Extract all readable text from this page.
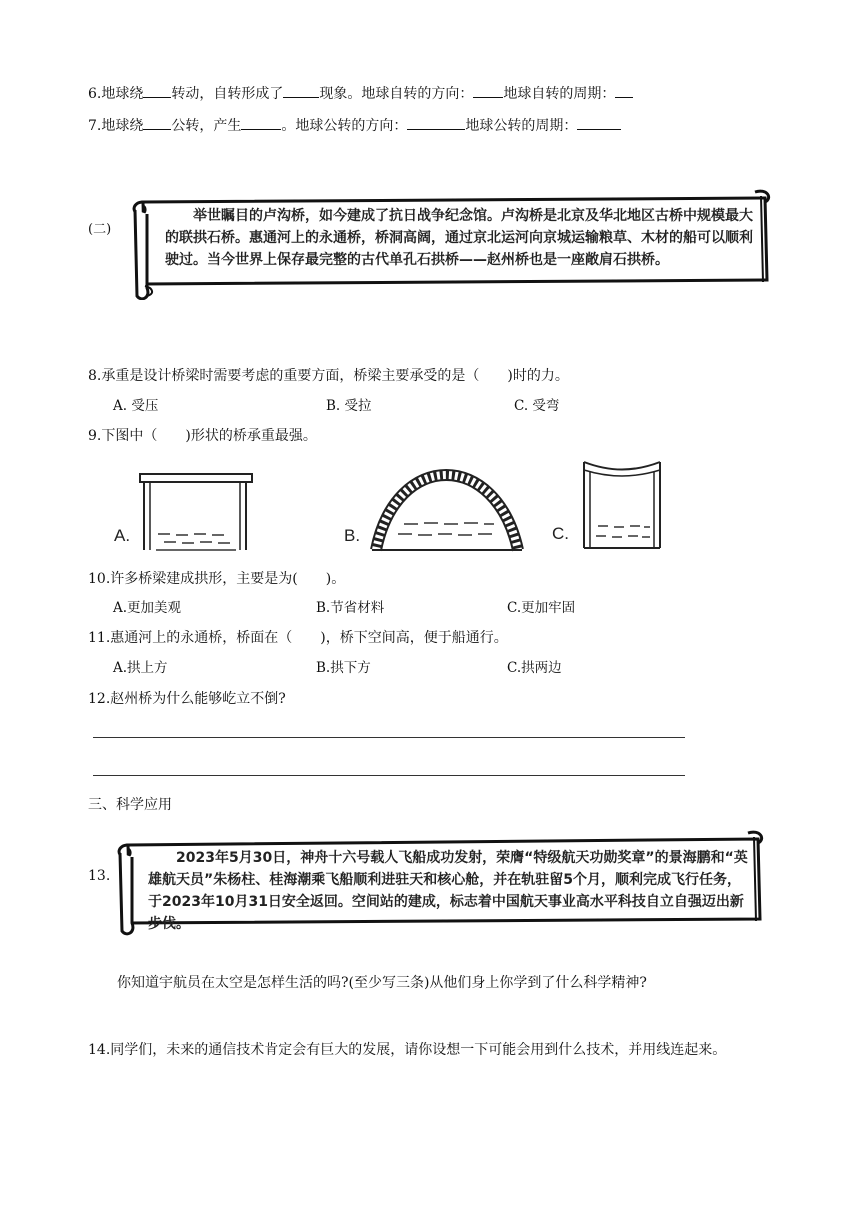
6.地球绕 转动，自转形成了	现象。地球自转的方向： 地球自转的周期：
7.地球绕 公转，产生	。地球公转的方向：	地球公转的周期：
(二)
举世瞩目的卢沟桥，如今建成了抗日战争纪念馆。卢沟桥是北京及华北地区古桥中规模最大的联拱石桥。惠通河上的永通桥，桥洞高阔，通过京北运河向京城运输粮草、木材的船可以顺利驶过。当今世界上保存最完整的古代单孔石拱桥——赵州桥也是一座敞肩石拱桥。
8.承重是设计桥梁时需要考虑的重要方面，桥梁主要承受的是（　　)时的力。
A. 受压	B. 受拉	C. 受弯
9.下图中（　　)形状的桥承重最强。
A.	B.	C.
10.许多桥梁建成拱形，主要是为(　　)。
A.更加美观	B.节省材料	C.更加牢固
11.惠通河上的永通桥，桥面在（　　)，桥下空间高，便于船通行。
A.拱上方	B.拱下方	C.拱两边
12.赵州桥为什么能够屹立不倒?
三、科学应用
13.
2023年5月30日，神舟十六号载人飞船成功发射，荣膺“特级航天功勋奖章”的景海鹏和“英雄航天员”朱杨柱、桂海潮乘飞船顺利进驻天和核心舱，并在轨驻留5个月，顺利完成飞行任务，于2023年10月31日安全返回。空间站的建成，标志着中国航天事业高水平科技自立自强迈出新步伐。
你知道宇航员在太空是怎样生活的吗?(至少写三条)从他们身上你学到了什么科学精神?
14.同学们，未来的通信技术肯定会有巨大的发展，请你设想一下可能会用到什么技术，并用线连起来。
